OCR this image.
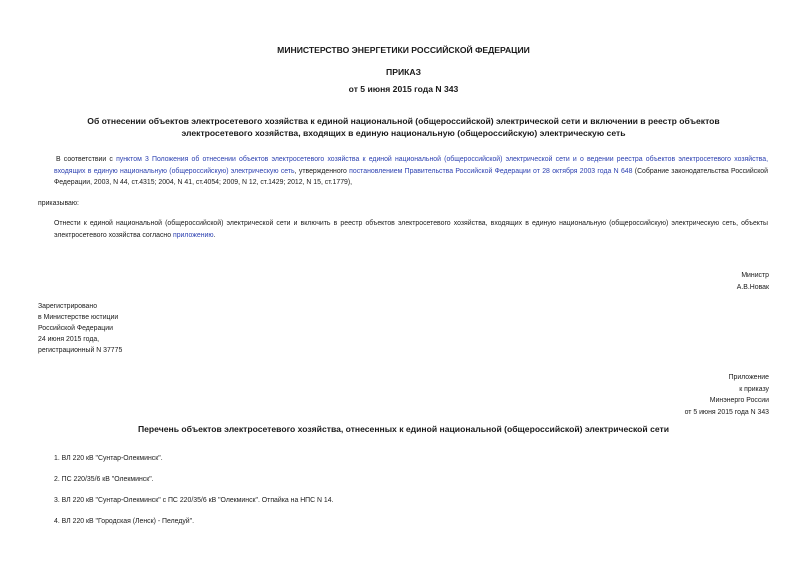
МИНИСТЕРСТВО ЭНЕРГЕТИКИ РОССИЙСКОЙ ФЕДЕРАЦИИ
ПРИКАЗ
от 5 июня 2015 года N 343
Об отнесении объектов электросетевого хозяйства к единой национальной (общероссийской) электрической сети и включении в реестр объектов
электросетевого хозяйства, входящих в единую национальную (общероссийскую) электрическую сеть
В соответствии с пунктом 3 Положения об отнесении объектов электросетевого хозяйства к единой национальной (общероссийской) электрической сети и о ведении реестра объектов электросетевого хозяйства, входящих в единую национальную (общероссийскую) электрическую сеть, утвержденного постановлением Правительства Российской Федерации от 28 октября 2003 года N 648 (Собрание законодательства Российской Федерации, 2003, N 44, ст.4315; 2004, N 41, ст.4054; 2009, N 12, ст.1429; 2012, N 15, ст.1779),
приказываю:
Отнести к единой национальной (общероссийской) электрической сети и включить в реестр объектов электросетевого хозяйства, входящих в единую национальную (общероссийскую) электрическую сеть, объекты электросетевого хозяйства согласно приложению.
Министр
А.В.Новак
Зарегистрировано
в Министерстве юстиции
Российской Федерации
24 июня 2015 года,
регистрационный N 37775
Приложение
к приказу
Минэнерго России
от 5 июня 2015 года N 343
Перечень объектов электросетевого хозяйства, отнесенных к единой национальной (общероссийской) электрической сети
1. ВЛ 220 кВ "Сунтар-Олекминск".
2. ПС 220/35/6 кВ "Олекминск".
3. ВЛ 220 кВ "Сунтар-Олекминск" с ПС 220/35/6 кВ "Олекминск". Отпайка на НПС N 14.
4. ВЛ 220 кВ "Городская (Ленск) - Пеледуй".
